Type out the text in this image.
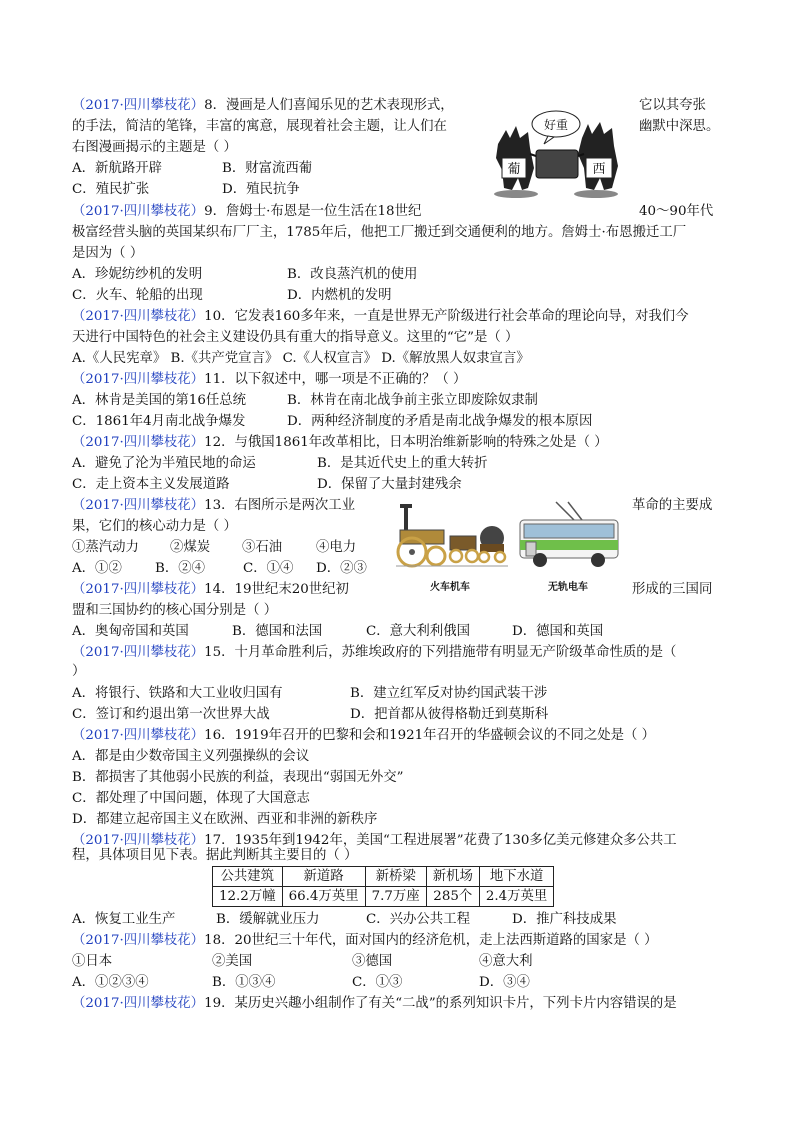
（2017·四川攀枝花）8．漫画是人们喜闻乐见的艺术表现形式，	它以其夸张
的手法，简洁的笔锋，丰富的寓意，展现着社会主题，让人们在	幽默中深思。
右图漫画揭示的主题是（ ）
A．新航路开辟	B．财富流西葡
C．殖民扩张	D．殖民抗争
葡	西
好重
（2017·四川攀枝花）9．詹姆士·布恩是一位生活在18世纪	40～90年代
极富经营头脑的英国某织布厂厂主，1785年后，他把工厂搬迁到交通便利的地方。詹姆士·布恩搬迁工厂
是因为（ ）
A．珍妮纺纱机的发明	B．改良蒸汽机的使用
C．火车、轮船的出现	D．内燃机的发明
（2017·四川攀枝花）10．它发表160多年来，一直是世界无产阶级进行社会革命的理论向导，对我们今
天进行中国特色的社会主义建设仍具有重大的指导意义。这里的“它”是（ ）
A.《人民宪章》 B.《共产党宣言》 C.《人权宣言》 D.《解放黑人奴隶宣言》
（2017·四川攀枝花）11．以下叙述中，哪一项是不正确的？（ ）
A．林肯是美国的第16任总统	B．林肯在南北战争前主张立即废除奴隶制
C．1861年4月南北战争爆发	D．两种经济制度的矛盾是南北战争爆发的根本原因
（2017·四川攀枝花）12．与俄国1861年改革相比，日本明治维新影响的特殊之处是（ ）
A．避免了沦为半殖民地的命运	B．是其近代史上的重大转折
C．走上资本主义发展道路	D．保留了大量封建残余
（2017·四川攀枝花）13．右图所示是两次工业	革命的主要成
果，它们的核心动力是（ ）
①蒸汽动力 ②煤炭 ③石油	④电力
A．①② B．②④	C．①④ D．②③
火车机车	无轨电车
（2017·四川攀枝花）14．19世纪末20世纪初	形成的三国同
盟和三国协约的核心国分别是（ ）
A．奥匈帝国和英国	B．德国和法国	C．意大利利俄国	D．德国和英国
（2017·四川攀枝花）15．十月革命胜利后，苏维埃政府的下列措施带有明显无产阶级革命性质的是（
）
A．将银行、铁路和大工业收归国有	B．建立红军反对协约国武装干涉
C．签订和约退出第一次世界大战	D．把首都从彼得格勒迁到莫斯科
（2017·四川攀枝花）16．1919年召开的巴黎和会和1921年召开的华盛顿会议的不同之处是（ ）
A．都是由少数帝国主义列强操纵的会议
B．都损害了其他弱小民族的利益，表现出“弱国无外交”
C．都处理了中国问题，体现了大国意志
D．都建立起帝国主义在欧洲、西亚和非洲的新秩序
（2017·四川攀枝花）17．1935年到1942年，美国“工程进展署”花费了130多亿美元修建众多公共工
程，具体项目见下表。据此判断其主要目的（ ）
公共建筑	新道路	新桥梁	新机场	地下水道
12.2万幢	66.4万英里	7.7万座	285个	2.4万英里
A．恢复工业生产	B．缓解就业压力	C．兴办公共工程	D．推广科技成果
（2017·四川攀枝花）18．20世纪三十年代，面对国内的经济危机，走上法西斯道路的国家是（ ）
①日本	②美国	③德国	④意大利
A．①②③④	B．①③④	C．①③	D．③④
（2017·四川攀枝花）19．某历史兴趣小组制作了有关“二战”的系列知识卡片，下列卡片内容错误的是
